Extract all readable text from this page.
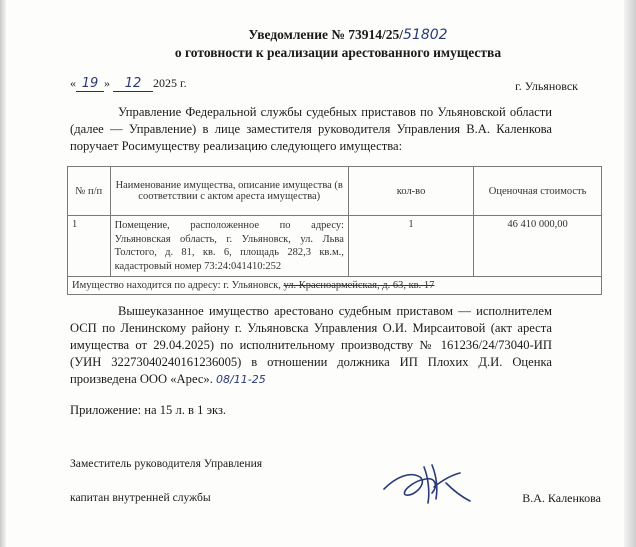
Уведомление № 73914/25/51802
о готовности к реализации арестованного имущества
« 19 » 12 2025 г.	г. Ульяновск
Управление Федеральной службы судебных приставов по Ульяновской области (далее — Управление) в лице заместителя руководителя Управления В.А. Каленкова поручает Росимуществу реализацию следующего имущества:
№ п/п	Наименование имущества, описание имущества (в соответствии с актом ареста имущества)	кол-во	Оценочная стоимость
1	Помещение, расположенное по адресу: Ульяновская область, г. Ульяновск, ул. Льва Толстого, д. 81, кв. 6, площадь 282,3 кв.м., кадастровый номер 73:24:041410:252	1	46 410 000,00
Имущество находится по адресу: г. Ульяновск, ул. Красноармейская, д. 63, кв. 17			
Вышеуказанное имущество арестовано судебным приставом — исполнителем ОСП по Ленинскому району г. Ульяновска Управления О.И. Мирсаитовой (акт ареста имущества от 29.04.2025) по исполнительному производству № 161236/24/73040-ИП (УИН 32273040240161236005) в отношении должника ИП Плохих Д.И. Оценка произведена ООО «Арес». 08/11-25
Приложение: на 15 л. в 1 экз.
Заместитель руководителя Управления
капитан внутренней службы	В.А. Каленкова
